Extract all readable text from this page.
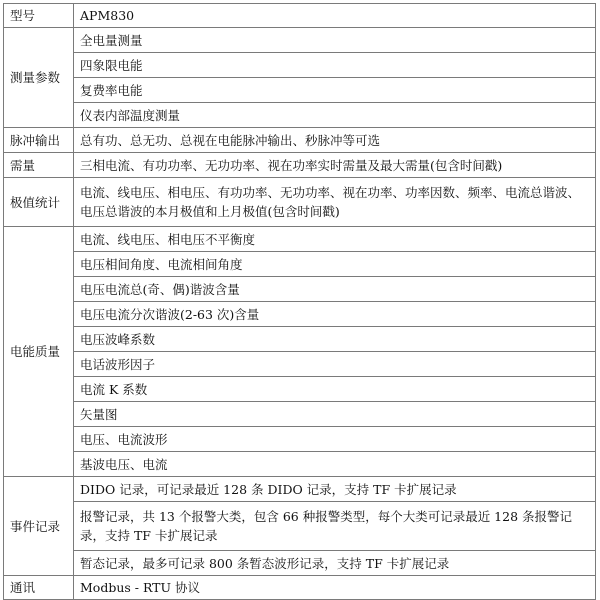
型号	APM830
测量参数	全电量测量
	四象限电能
	复费率电能
	仪表内部温度测量
脉冲输出	总有功、总无功、总视在电能脉冲输出、秒脉冲等可选
需量	三相电流、有功功率、无功功率、视在功率实时需量及最大需量(包含时间戳)
极值统计	电流、线电压、相电压、有功功率、无功功率、视在功率、功率因数、频率、电流总谐波、电压总谐波的本月极值和上月极值(包含时间戳)
电能质量	电流、线电压、相电压不平衡度
	电压相间角度、电流相间角度
	电压电流总(奇、偶)谐波含量
	电压电流分次谐波(2-63 次)含量
	电压波峰系数
	电话波形因子
	电流 K 系数
	矢量图
	电压、电流波形
	基波电压、电流
事件记录	DIDO 记录，可记录最近 128 条 DIDO 记录，支持 TF 卡扩展记录
	报警记录，共 13 个报警大类，包含 66 种报警类型，每个大类可记录最近 128 条报警记录，支持 TF 卡扩展记录
	暂态记录，最多可记录 800 条暂态波形记录，支持 TF 卡扩展记录
通讯	Modbus - RTU 协议
